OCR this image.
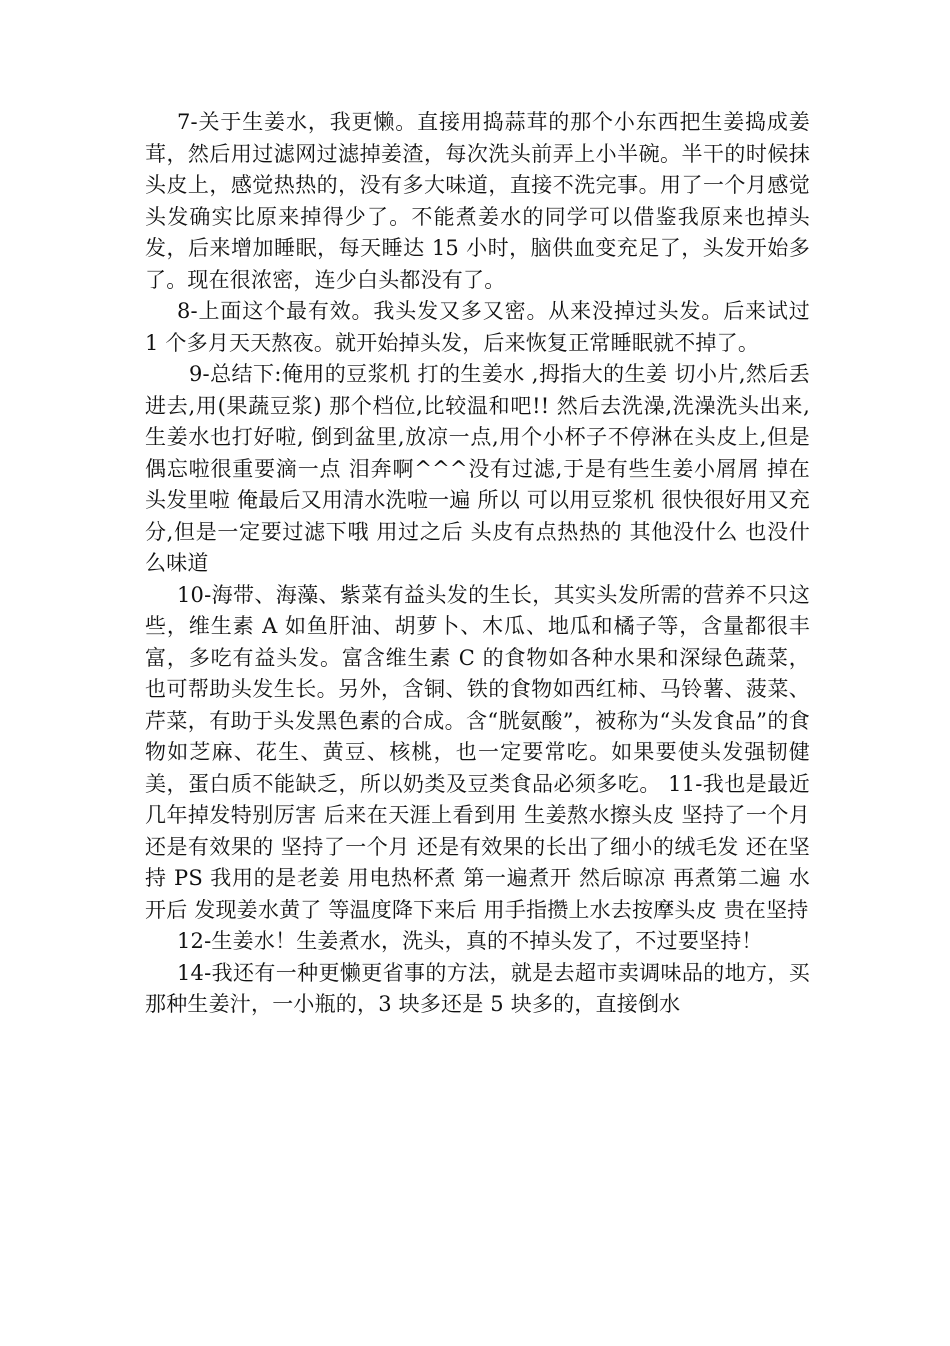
7-关于生姜水，我更懒。直接用捣蒜茸的那个小东西把生姜捣成姜茸，然后用过滤网过滤掉姜渣，每次洗头前弄上小半碗。半干的时候抹头皮上，感觉热热的，没有多大味道，直接不洗完事。用了一个月感觉头发确实比原来掉得少了。不能煮姜水的同学可以借鉴我原来也掉头发，后来增加睡眠，每天睡达 15 小时，脑供血变充足了，头发开始多了。现在很浓密，连少白头都没有了。

8-上面这个最有效。我头发又多又密。从来没掉过头发。后来试过 1 个多月天天熬夜。就开始掉头发，后来恢复正常睡眠就不掉了。

9-总结下:俺用的豆浆机 打的生姜水 ,拇指大的生姜 切小片,然后丢进去,用(果蔬豆浆) 那个档位,比较温和吧!! 然后去洗澡,洗澡洗头出来,生姜水也打好啦, 倒到盆里,放凉一点,用个小杯子不停淋在头皮上,但是 偶忘啦很重要滴一点 泪奔啊^^^没有过滤,于是有些生姜小屑屑 掉在头发里啦 俺最后又用清水洗啦一遍 所以 可以用豆浆机 很快很好用又充分,但是一定要过滤下哦 用过之后 头皮有点热热的 其他没什么 也没什么味道

10-海带、海藻、紫菜有益头发的生长，其实头发所需的营养不只这些，维生素 A 如鱼肝油、胡萝卜、木瓜、地瓜和橘子等，含量都很丰富，多吃有益头发。富含维生素 C 的食物如各种水果和深绿色蔬菜，也可帮助头发生长。另外，含铜、铁的食物如西红柿、马铃薯、菠菜、芹菜，有助于头发黑色素的合成。含“胱氨酸”，被称为“头发食品”的食物如芝麻、花生、黄豆、核桃，也一定要常吃。如果要使头发强韧健美，蛋白质不能缺乏，所以奶类及豆类食品必须多吃。 11-我也是最近几年掉发特别厉害 后来在天涯上看到用 生姜熬水擦头皮 坚持了一个月 还是有效果的 坚持了一个月 还是有效果的长出了细小的绒毛发 还在坚持 PS 我用的是老姜 用电热杯煮 第一遍煮开 然后晾凉 再煮第二遍 水开后 发现姜水黄了 等温度降下来后 用手指攒上水去按摩头皮 贵在坚持

12-生姜水！生姜煮水，洗头，真的不掉头发了，不过要坚持！

14-我还有一种更懒更省事的方法，就是去超市卖调味品的地方，买那种生姜汁，一小瓶的，3 块多还是 5 块多的，直接倒水
